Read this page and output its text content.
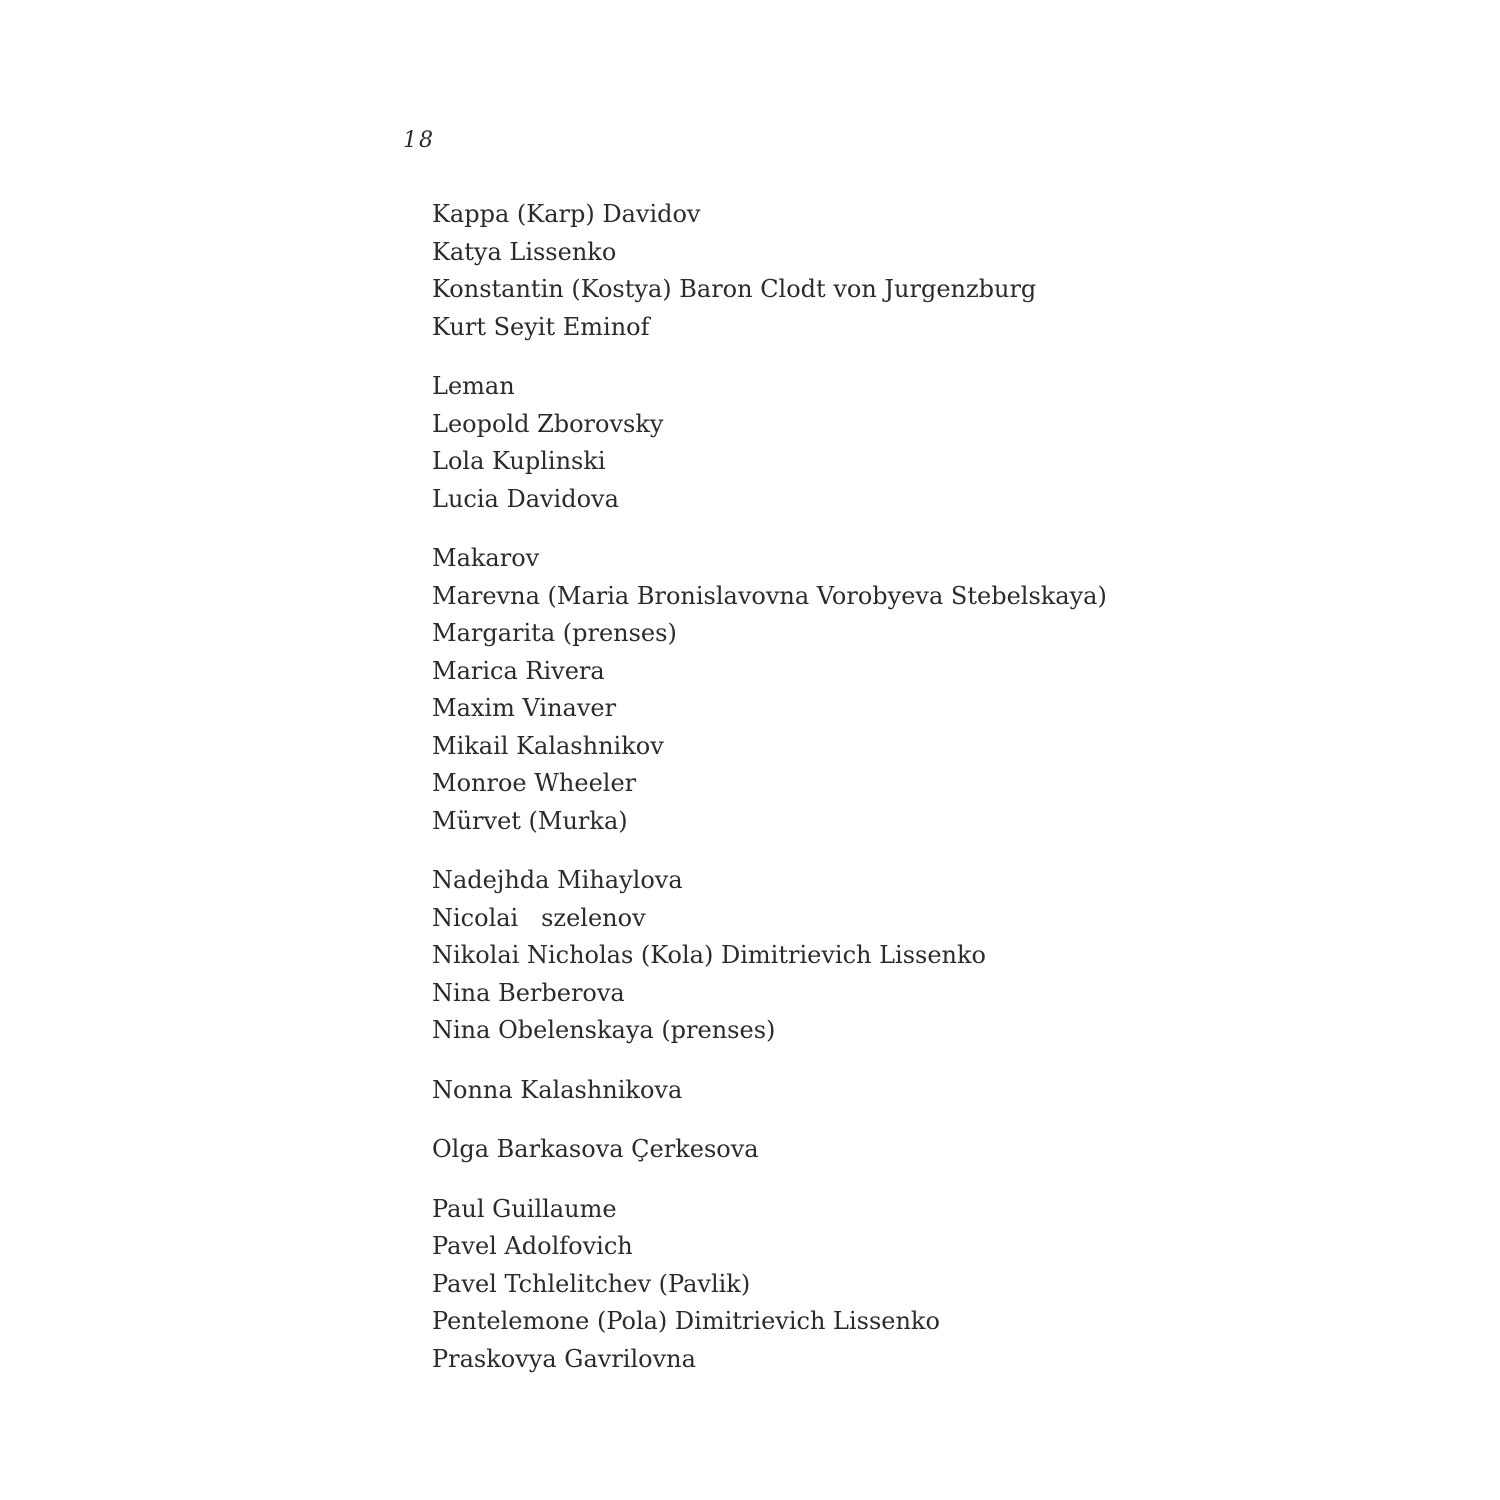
18
Kappa (Karp) Davidov
Katya Lissenko
Konstantin (Kostya) Baron Clodt von Jurgenzburg
Kurt Seyit Eminof
Leman
Leopold Zborovsky
Lola Kuplinski
Lucia Davidova
Makarov
Marevna (Maria Bronislavovna Vorobyeva Stebelskaya)
Margarita (prenses)
Marica Rivera
Maxim Vinaver
Mikail Kalashnikov
Monroe Wheeler
Mürvet (Murka)
Nadejhda Mihaylova
Nicolai   szelenov
Nikolai Nicholas (Kola) Dimitrievich Lissenko
Nina Berberova
Nina Obelenskaya (prenses)
Nonna Kalashnikova
Olga Barkasova Çerkesova
Paul Guillaume
Pavel Adolfovich
Pavel Tchlelitchev (Pavlik)
Pentelemone (Pola) Dimitrievich Lissenko
Praskovya Gavrilovna
